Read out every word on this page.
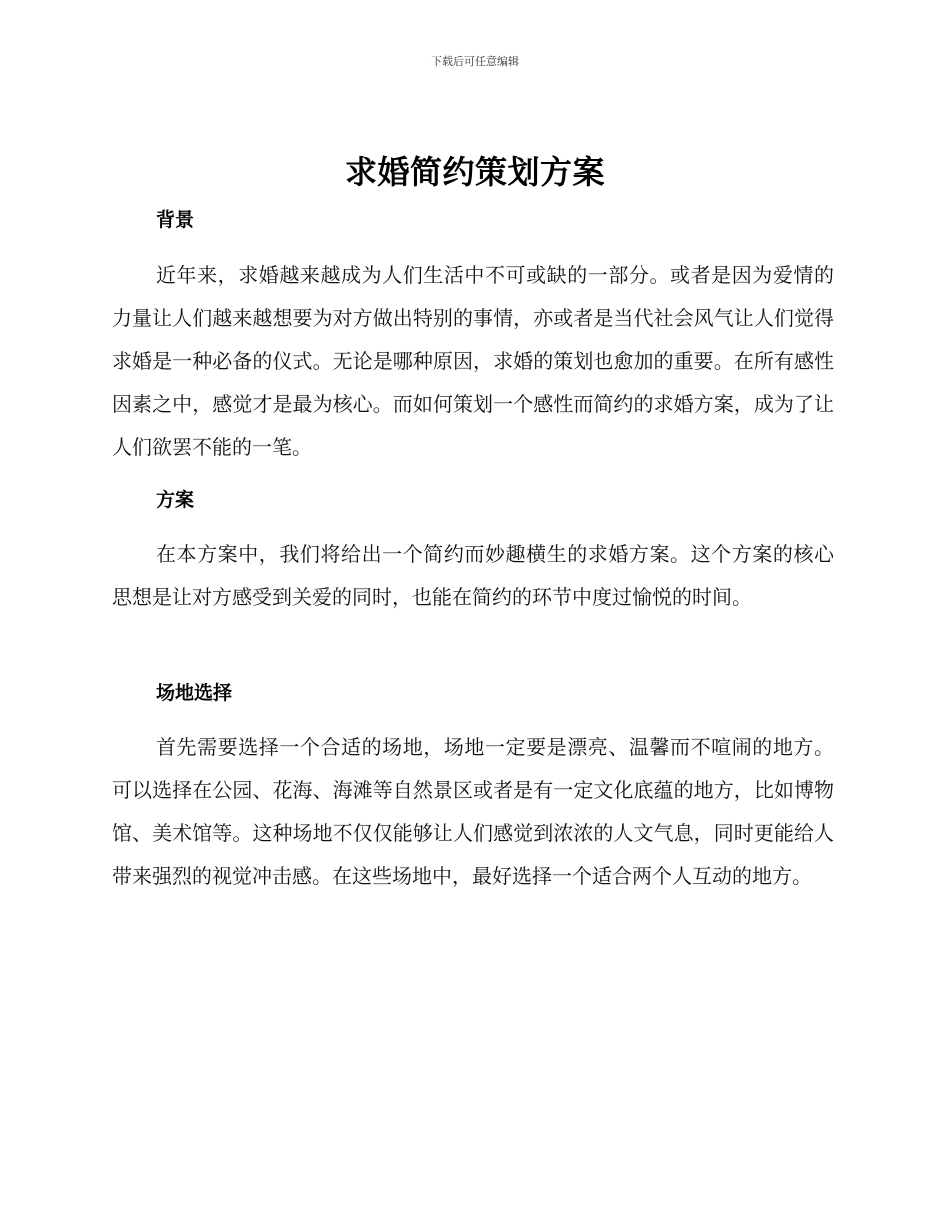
下载后可任意编辑
求婚简约策划方案
背景

近年来，求婚越来越成为人们生活中不可或缺的一部分。或者是因为爱情的力量让人们越来越想要为对方做出特别的事情，亦或者是当代社会风气让人们觉得求婚是一种必备的仪式。无论是哪种原因，求婚的策划也愈加的重要。在所有感性因素之中，感觉才是最为核心。而如何策划一个感性而简约的求婚方案，成为了让人们欲罢不能的一笔。

方案

在本方案中，我们将给出一个简约而妙趣横生的求婚方案。这个方案的核心思想是让对方感受到关爱的同时，也能在简约的环节中度过愉悦的时间。

场地选择

首先需要选择一个合适的场地，场地一定要是漂亮、温馨而不喧闹的地方。可以选择在公园、花海、海滩等自然景区或者是有一定文化底蕴的地方，比如博物馆、美术馆等。这种场地不仅仅能够让人们感觉到浓浓的人文气息，同时更能给人带来强烈的视觉冲击感。在这些场地中，最好选择一个适合两个人互动的地方。
